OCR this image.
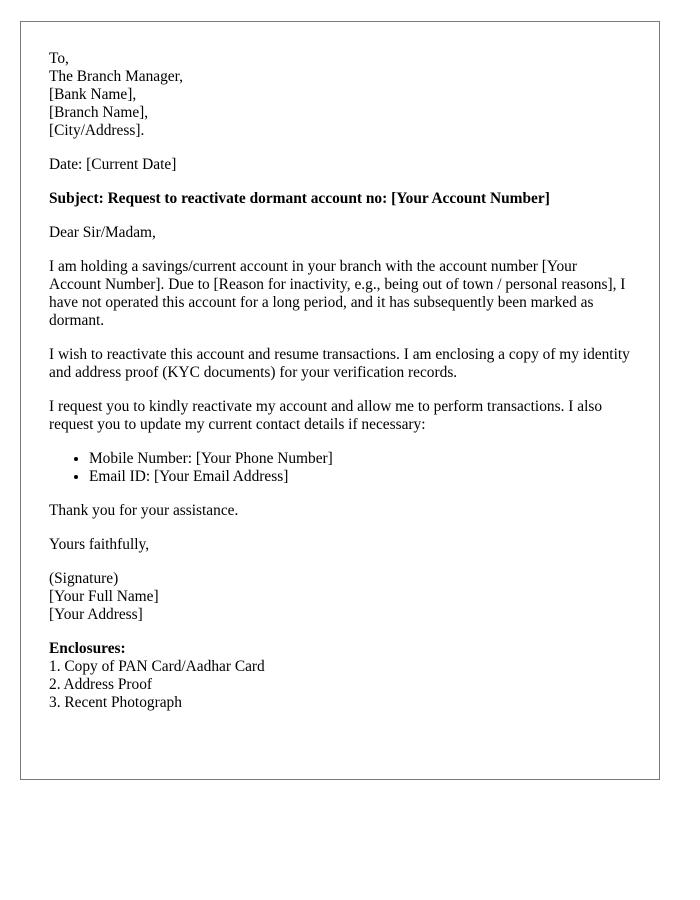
To,
The Branch Manager,
[Bank Name],
[Branch Name],
[City/Address].
Date: [Current Date]
Subject: Request to reactivate dormant account no: [Your Account Number]
Dear Sir/Madam,
I am holding a savings/current account in your branch with the account number [Your Account Number]. Due to [Reason for inactivity, e.g., being out of town / personal reasons], I have not operated this account for a long period, and it has subsequently been marked as dormant.
I wish to reactivate this account and resume transactions. I am enclosing a copy of my identity and address proof (KYC documents) for your verification records.
I request you to kindly reactivate my account and allow me to perform transactions. I also request you to update my current contact details if necessary:
• Mobile Number: [Your Phone Number]
• Email ID: [Your Email Address]
Thank you for your assistance.
Yours faithfully,
(Signature)
[Your Full Name]
[Your Address]
Enclosures:
1. Copy of PAN Card/Aadhar Card
2. Address Proof
3. Recent Photograph
